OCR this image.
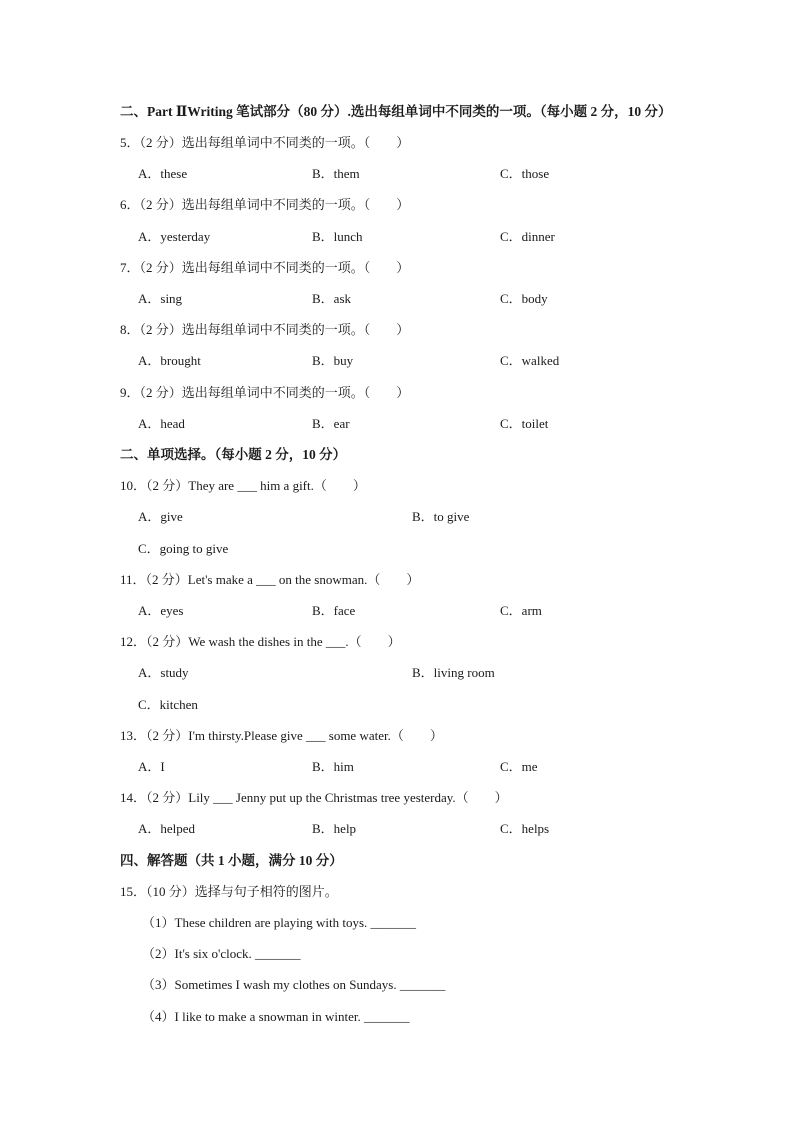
二、Part ⅡWriting 笔试部分（80 分）.选出每组单词中不同类的一项。（每小题 2 分，10 分）
5．（2 分）选出每组单词中不同类的一项。（　　）
A．these	B．them	C．those
6．（2 分）选出每组单词中不同类的一项。（　　）
A．yesterday	B．lunch	C．dinner
7．（2 分）选出每组单词中不同类的一项。（　　）
A．sing	B．ask	C．body
8．（2 分）选出每组单词中不同类的一项。（　　）
A．brought	B．buy	C．walked
9．（2 分）选出每组单词中不同类的一项。（　　）
A．head	B．ear	C．toilet
二、单项选择。（每小题 2 分，10 分）
10．（2 分）They are ___ him a gift.（　　）
A．give	B．to give
C．going to give
11．（2 分）Let's make a ___ on the snowman.（　　）
A．eyes	B．face	C．arm
12．（2 分）We wash the dishes in the ___.（　　）
A．study	B．living room
C．kitchen
13．（2 分）I'm thirsty.Please give ___ some water.（　　）
A．I	B．him	C．me
14．（2 分）Lily ___ Jenny put up the Christmas tree yesterday.（　　）
A．helped	B．help	C．helps
四、解答题（共 1 小题，满分 10 分）
15．（10 分）选择与句子相符的图片。
（1）These children are playing with toys. _______
（2）It's six o'clock. _______
（3）Sometimes I wash my clothes on Sundays. _______
（4）I like to make a snowman in winter. _______
